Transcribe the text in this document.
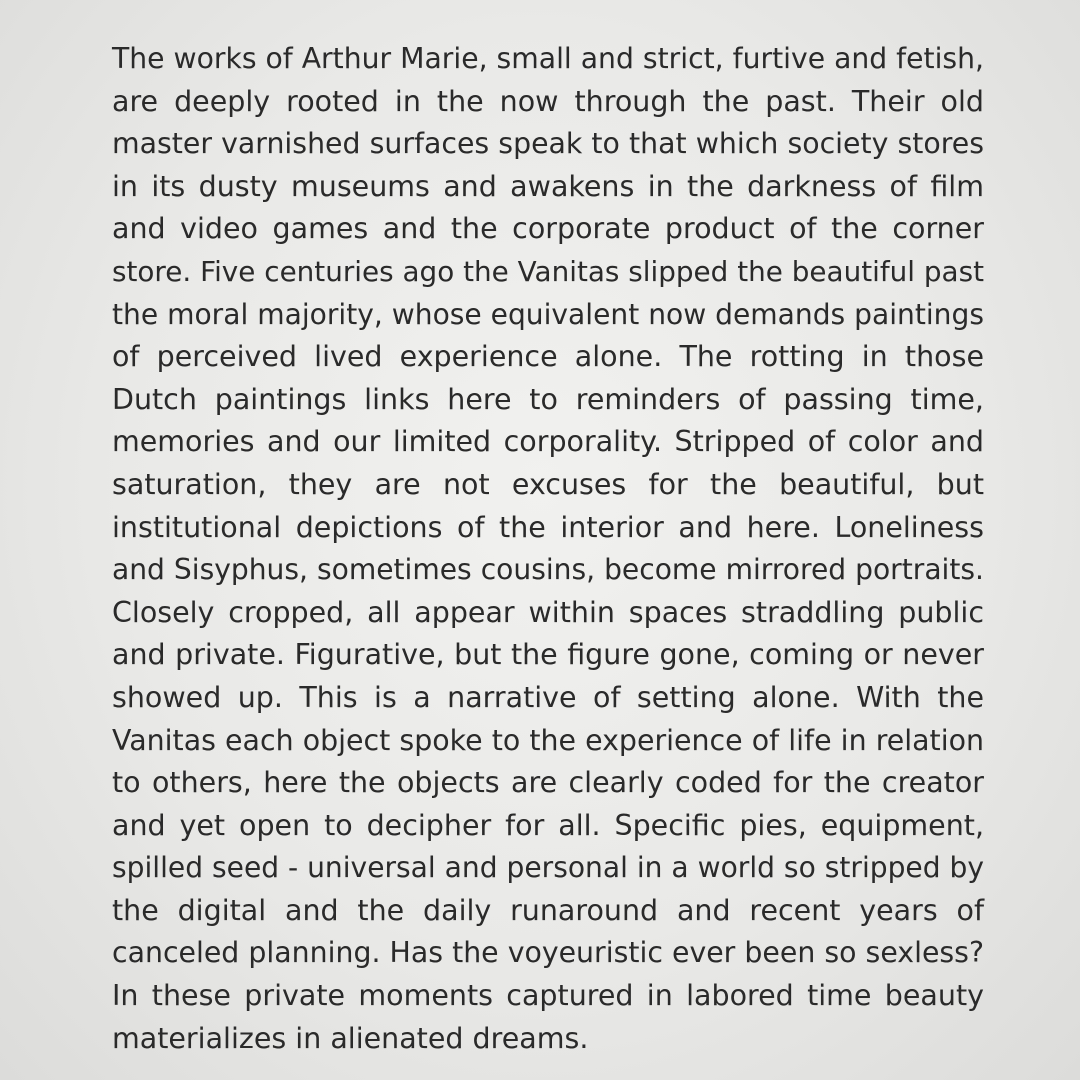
The works of Arthur Marie, small and strict, furtive and fetish,
are deeply rooted in the now through the past. Their old
master varnished surfaces speak to that which society stores
in its dusty museums and awakens in the darkness of film
and video games and the corporate product of the corner
store. Five centuries ago the Vanitas slipped the beautiful past
the moral majority, whose equivalent now demands paintings
of perceived lived experience alone. The rotting in those
Dutch paintings links here to reminders of passing time,
memories and our limited corporality. Stripped of color and
saturation, they are not excuses for the beautiful, but
institutional depictions of the interior and here. Loneliness
and Sisyphus, sometimes cousins, become mirrored portraits.
Closely cropped, all appear within spaces straddling public
and private. Figurative, but the figure gone, coming or never
showed up. This is a narrative of setting alone. With the
Vanitas each object spoke to the experience of life in relation
to others, here the objects are clearly coded for the creator
and yet open to decipher for all. Specific pies, equipment,
spilled seed - universal and personal in a world so stripped by
the digital and the daily runaround and recent years of
canceled planning. Has the voyeuristic ever been so sexless?
In these private moments captured in labored time beauty
materializes in alienated dreams.
